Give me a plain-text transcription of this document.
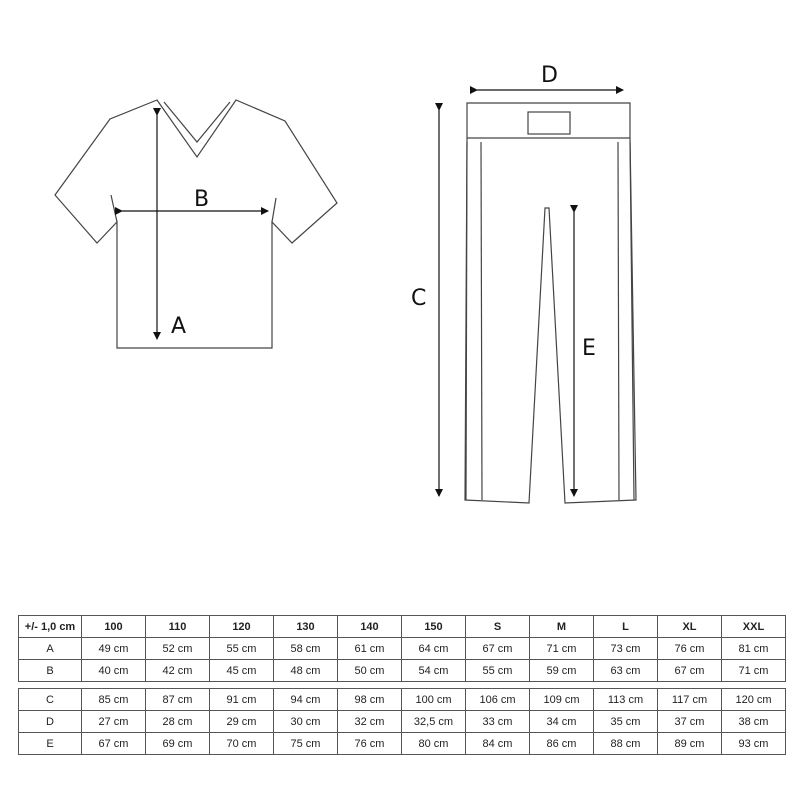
A
B
C
D
E
+/- 1,0 cm	100	110	120	130	140	150	S	M	L	XL	XXL
A	49 cm	52 cm	55 cm	58 cm	61 cm	64 cm	67 cm	71 cm	73 cm	76 cm	81 cm
B	40 cm	42 cm	45 cm	48 cm	50 cm	54 cm	55 cm	59 cm	63 cm	67 cm	71 cm
C	85 cm	87 cm	91 cm	94 cm	98 cm	100 cm	106 cm	109 cm	113 cm	117 cm	120 cm
D	27 cm	28 cm	29 cm	30 cm	32 cm	32,5 cm	33 cm	34 cm	35 cm	37 cm	38 cm
E	67 cm	69 cm	70 cm	75 cm	76 cm	80 cm	84 cm	86 cm	88 cm	89 cm	93 cm
